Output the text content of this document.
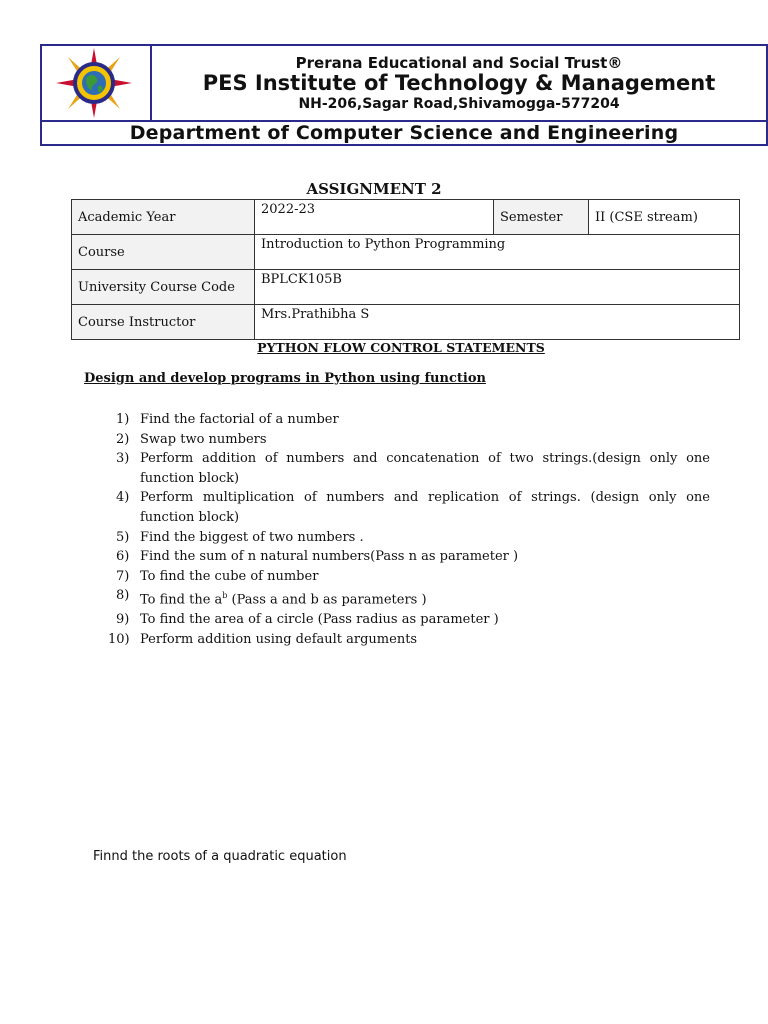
Prerana Educational and Social Trust®
PES Institute of Technology & Management
NH-206,Sagar Road,Shivamogga-577204
Department of Computer Science and Engineering
ASSIGNMENT 2
Academic Year	2022-23	Semester	II (CSE stream)
Course	Introduction to Python Programming		
University Course Code	BPLCK105B		
Course Instructor	Mrs.Prathibha S		
PYTHON FLOW CONTROL STATEMENTS
Design and develop programs in Python using function
1) Find the factorial of a number
2) Swap two numbers
3) Perform addition of numbers and concatenation of two strings.(design only one function block)
4) Perform multiplication of numbers and replication of strings. (design only one function block)
5) Find the biggest of two numbers .
6) Find the sum of n natural numbers(Pass n as parameter )
7) To find the cube of number
8) To find the $a^b$ (Pass a and b as parameters )
9) To find the area of a circle (Pass radius as parameter )
10) Perform addition using default arguments
Finnd the roots of a quadratic equation
